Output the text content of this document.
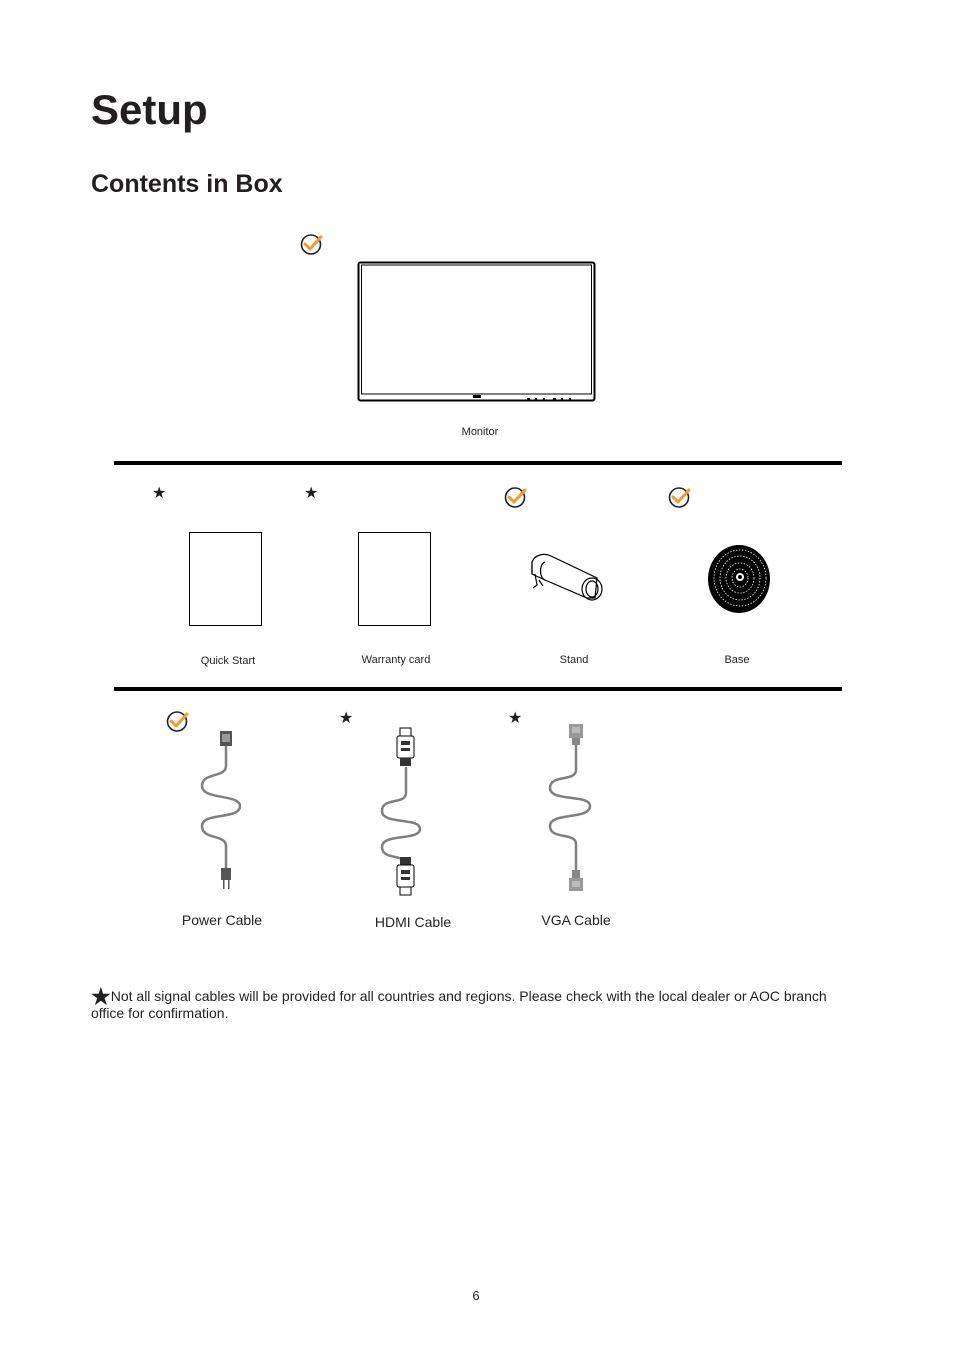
Setup
Contents in Box
Monitor
★	★
Quick Start	Warranty card	Stand	Base
★	★
Power Cable	HDMI Cable	VGA Cable
★Not all signal cables will be provided for all countries and regions. Please check with the local dealer or AOC branch office for confirmation.
6
